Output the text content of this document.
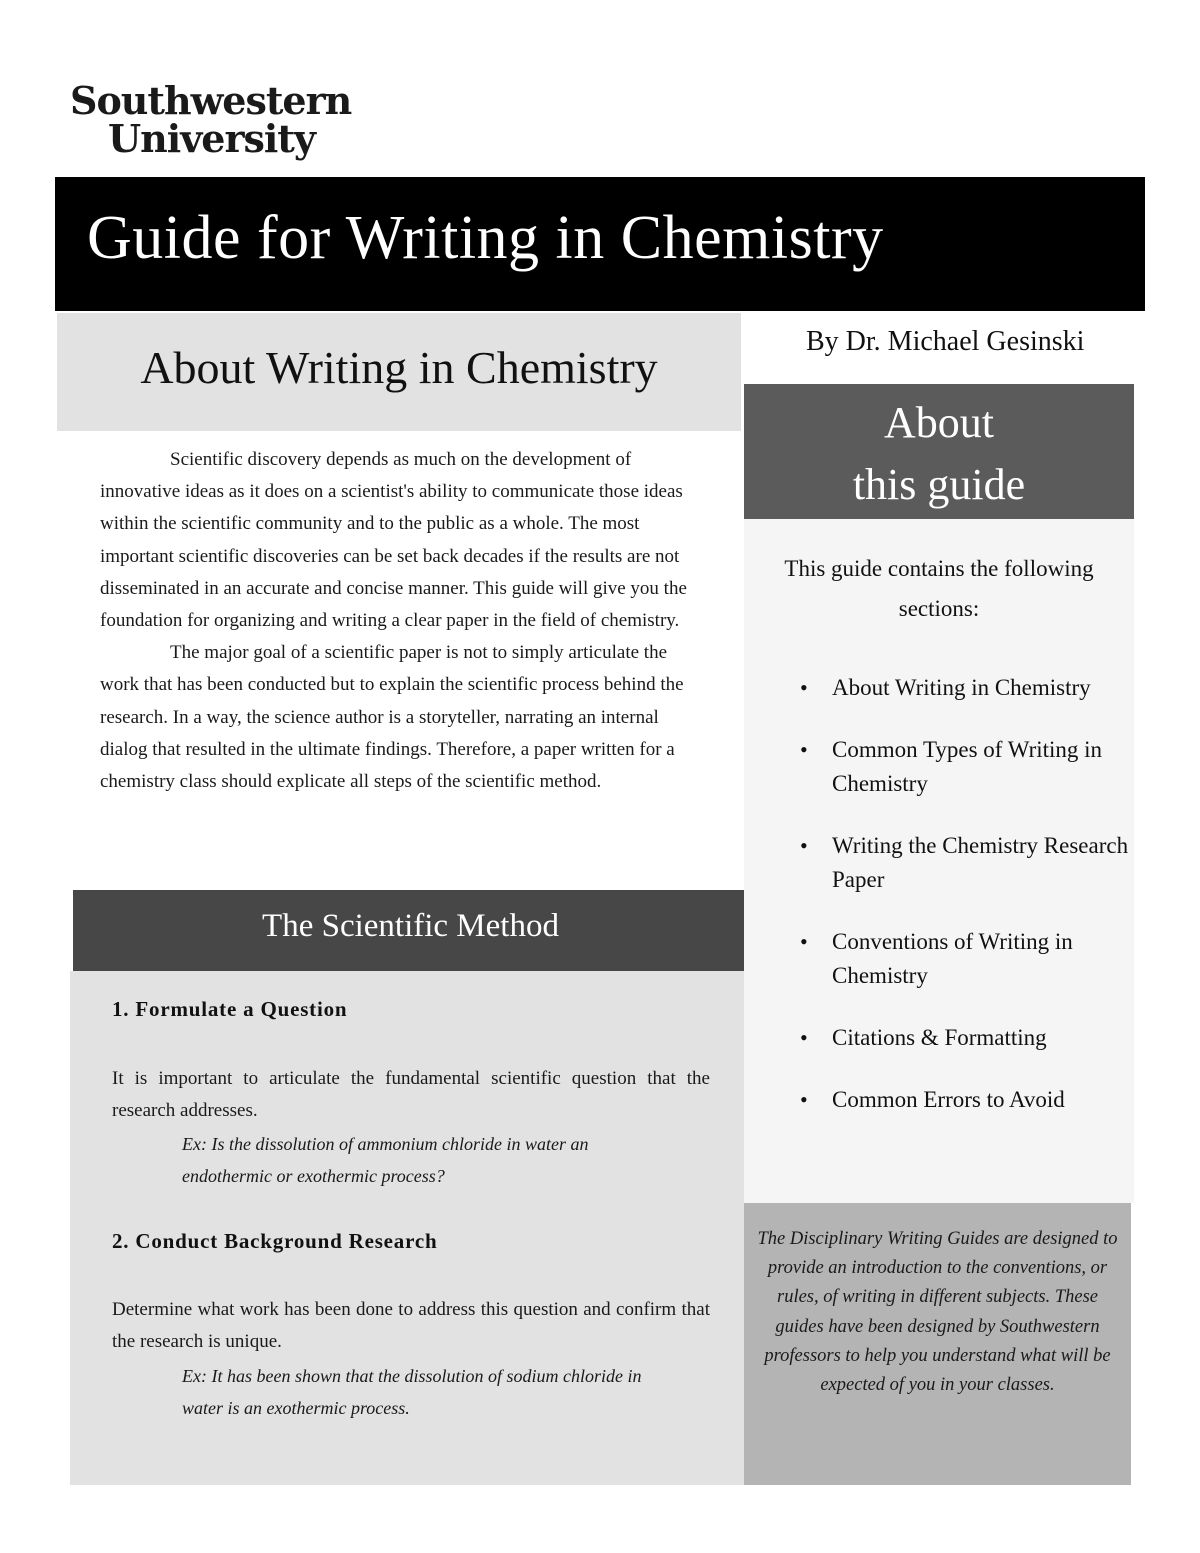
Southwestern
University
Guide for Writing in Chemistry
About Writing in Chemistry

Scientific discovery depends as much on the development of innovative ideas as it does on a scientist's ability to communicate those ideas within the scientific community and to the public as a whole. The most important scientific discoveries can be set back decades if the results are not disseminated in an accurate and concise manner. This guide will give you the foundation for organizing and writing a clear paper in the field of chemistry.

The major goal of a scientific paper is not to simply articulate the work that has been conducted but to explain the scientific process behind the research. In a way, the science author is a storyteller, narrating an internal dialog that resulted in the ultimate findings. Therefore, a paper written for a chemistry class should explicate all steps of the scientific method.

The Scientific Method
1. Formulate a Question
It is important to articulate the fundamental scientific question that the research addresses.
Ex: Is the dissolution of ammonium chloride in water an endothermic or exothermic process?
2. Conduct Background Research
Determine what work has been done to address this question and confirm that the research is unique.
Ex: It has been shown that the dissolution of sodium chloride in water is an exothermic process.
By Dr. Michael Gesinski
About
this guide
This guide contains the following sections:
• About Writing in Chemistry
• Common Types of Writing in Chemistry
• Writing the Chemistry Research Paper
• Conventions of Writing in Chemistry
• Citations & Formatting
• Common Errors to Avoid

The Disciplinary Writing Guides are designed to provide an introduction to the conventions, or rules, of writing in different subjects. These guides have been designed by Southwestern professors to help you understand what will be expected of you in your classes.
